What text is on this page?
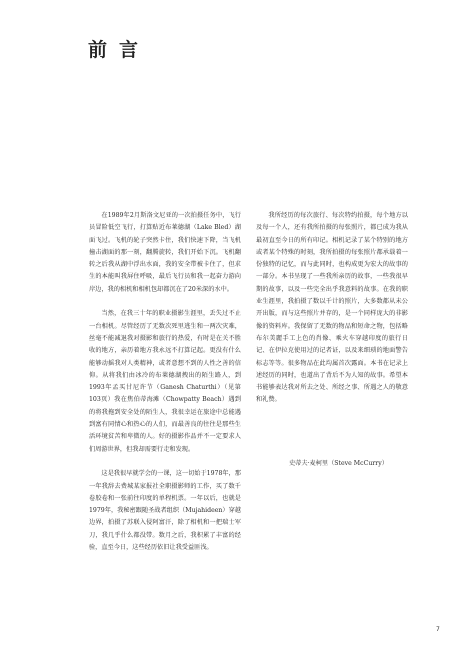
前言

在1989年2月斯洛文尼亚的一次拍摄任务中，飞行员冒险低空飞行，打算贴近布莱德湖（Lake Bled）湖面飞过。飞机的轮子突然卡住，我们快速下降，当飞机撞击湖面的那一刻，翻腾旋转，我们开始下沉。飞机翻转之后我从湖中浮出水面，我的安全带被卡住了，但求生的本能叫我屏住呼吸，最后飞行员和我一起奋力游向岸边，我的相机和相机包却都沉在了20米深的水中。

当然，在我三十年的职业摄影生涯里，丢失过不止一台相机。尽管经历了无数次死里逃生和一两次灾难，丝毫不能减退我对摄影和旅行的热爱，有时是在关不胜收的地方，亲历着地方我永远不打算记起。更没有什么能够动摇我对人类精神，或者意想不到的人性之善的信仰。从将我们由冰冷的布莱德湖拽出的陌生路人，到1993年孟买甘尼许节（Ganesh Chaturthi）（见第103页）我在焦伯蒂海滩（Chowpatty Beach）遇到的将我拖到安全处的陌生人，我很幸运在旅途中总能遇到富有同情心和热心的人们，而最善良的往往是那些生活环境贫苦和卑微的人。好的摄影作品并不一定要求人们周游世界，但我却需要行走和发现。

这是我很早就学会的一课，这一切始于1978年，那一年我辞去费城某家报社全职摄影师的工作，买了数千卷胶卷和一张前往印度的单程机票。一年以后，也就是1979年，我秘密跟随圣战者组织（Mujahideen）穿越边界，拍摄了苏联入侵阿富汗，除了相机和一把瑞士军刀，我几乎什么都没带。数月之后，我积累了丰富的经验，直至今日，这些经历依旧让我受益匪浅。

我所经历的每次旅行、每次特约拍摄，每个地方以及每一个人，还有我所拍摄的每张照片，都已成为我从最初直至今日的所有印记。相机记录了某个特别的地方或者某个特殊的时刻，我所拍摄的每张照片都承载着一份独特的记忆，而与此同时，也构成更为宏大的故事的一部分。本书呈现了一些我所亲历的故事，一些我很早期的故事，以及一些完全出乎我意料的故事。在我的职业生涯里，我拍摄了数以千计的照片，大多数都从未公开出版，而与这些照片并存的，是一个同样庞大的非影像的资料库。我保留了无数的物品和短命之物，包括略布尔美麗手工上色的肖像、乘火车穿越印度的旅行日记、在伊拉克使用过的记者证，以及来细琐的地面警告标志等等。很多物品在此均属首次露面。本书在记录上述经历的同时，也道出了背后不为人知的故事。希望本书能够表达我对所去之处、所经之事、所遇之人的敬意和礼赞。

史蒂夫·麦柯里（Steve McCurry）
7
